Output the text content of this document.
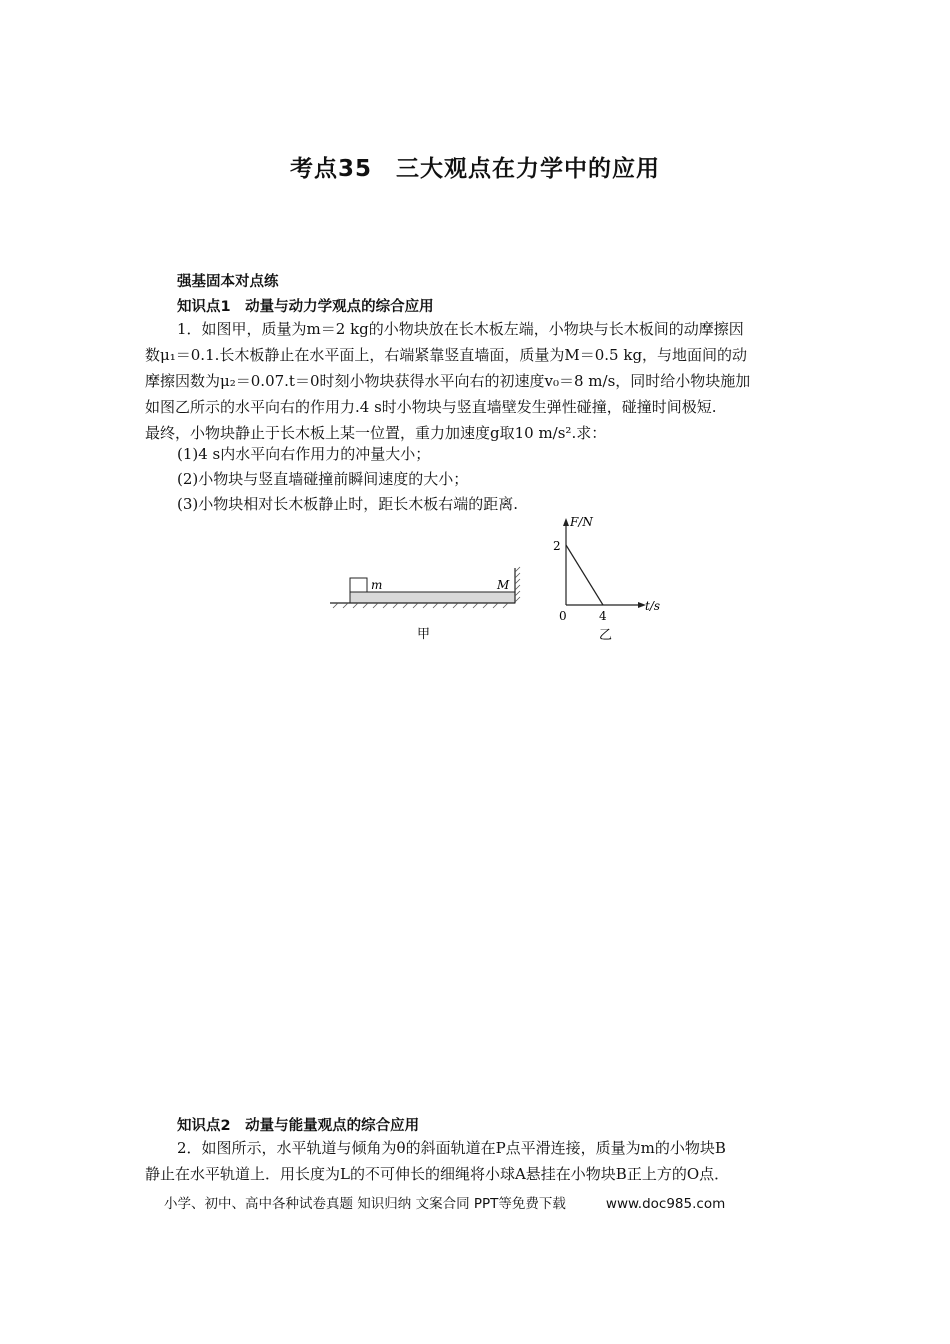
考点35　三大观点在力学中的应用
强基固本对点练
知识点1　动量与动力学观点的综合应用
1．如图甲，质量为m＝2 kg的小物块放在长木板左端，小物块与长木板间的动摩擦因
数μ₁＝0.1.长木板静止在水平面上，右端紧靠竖直墙面，质量为M＝0.5 kg，与地面间的动
摩擦因数为μ₂＝0.07.t＝0时刻小物块获得水平向右的初速度v₀＝8 m/s，同时给小物块施加
如图乙所示的水平向右的作用力.4 s时小物块与竖直墙壁发生弹性碰撞，碰撞时间极短.
最终，小物块静止于长木板上某一位置，重力加速度g取10 m/s².求：
(1)4 s内水平向右作用力的冲量大小；
(2)小物块与竖直墙碰撞前瞬间速度的大小；
(3)小物块相对长木板静止时，距长木板右端的距离.
m	M
甲
F/N
2
0	4
t/s
乙
知识点2　动量与能量观点的综合应用
2．如图所示，水平轨道与倾角为θ的斜面轨道在P点平滑连接，质量为m的小物块B
静止在水平轨道上．用长度为L的不可伸长的细绳将小球A悬挂在小物块B正上方的O点．
小学、初中、高中各种试卷真题 知识归纳 文案合同 PPT等免费下载	www.doc985.com
